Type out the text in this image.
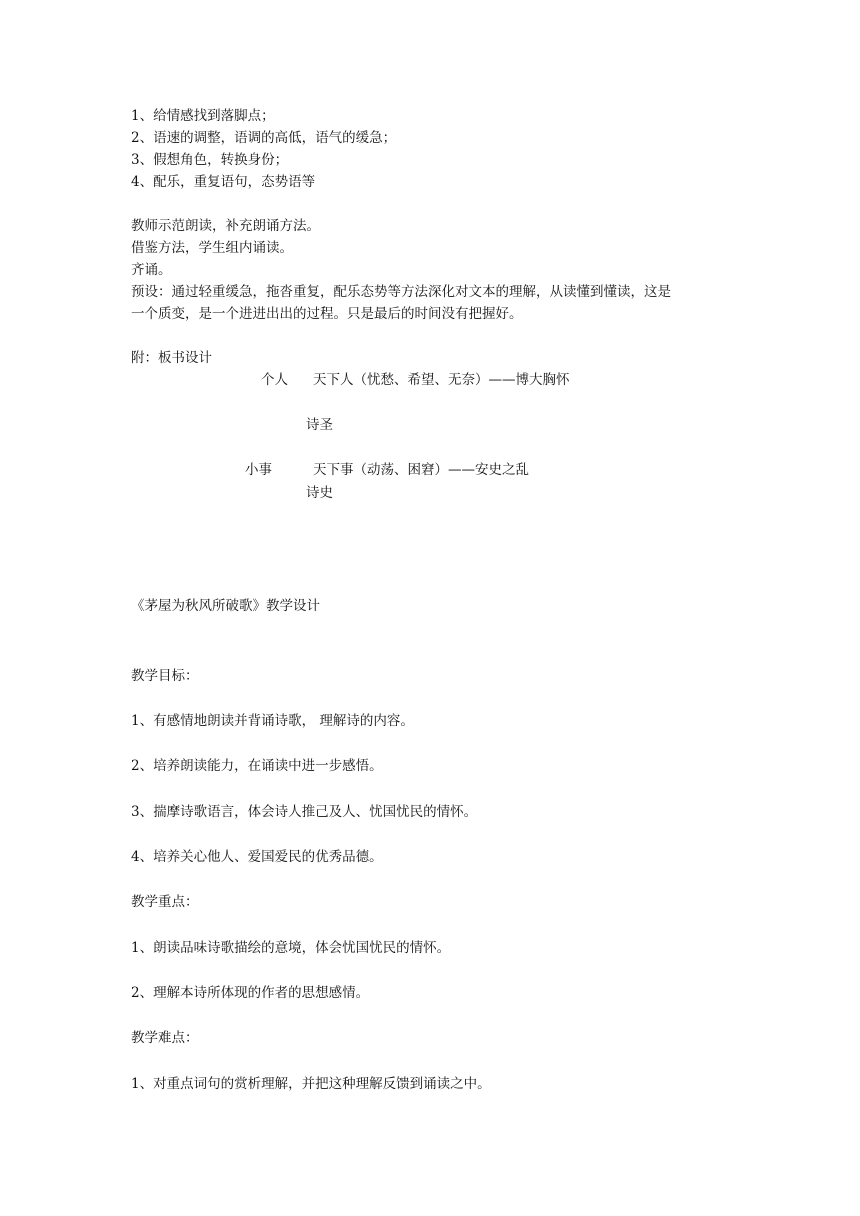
1、给情感找到落脚点；
2、语速的调整，语调的高低，语气的缓急；
3、假想角色，转换身份；
4、配乐，重复语句，态势语等
教师示范朗读，补充朗诵方法。
借鉴方法，学生组内诵读。
齐诵。
预设：通过轻重缓急，拖沓重复，配乐态势等方法深化对文本的理解，从读懂到懂读，这是
一个质变，是一个进进出出的过程。只是最后的时间没有把握好。
附：板书设计
个人 天下人（忧愁、希望、无奈）——博大胸怀
诗圣
小事	天下事（动荡、困窘）——安史之乱
诗史
《茅屋为秋风所破歌》教学设计
教学目标：
1、有感情地朗读并背诵诗歌， 理解诗的内容。
2、培养朗读能力，在诵读中进一步感悟。
3、揣摩诗歌语言，体会诗人推己及人、忧国忧民的情怀。
4、培养关心他人、爱国爱民的优秀品德。
教学重点：
1、朗读品味诗歌描绘的意境，体会忧国忧民的情怀。
2、理解本诗所体现的作者的思想感情。
教学难点：
1、对重点词句的赏析理解，并把这种理解反馈到诵读之中。
